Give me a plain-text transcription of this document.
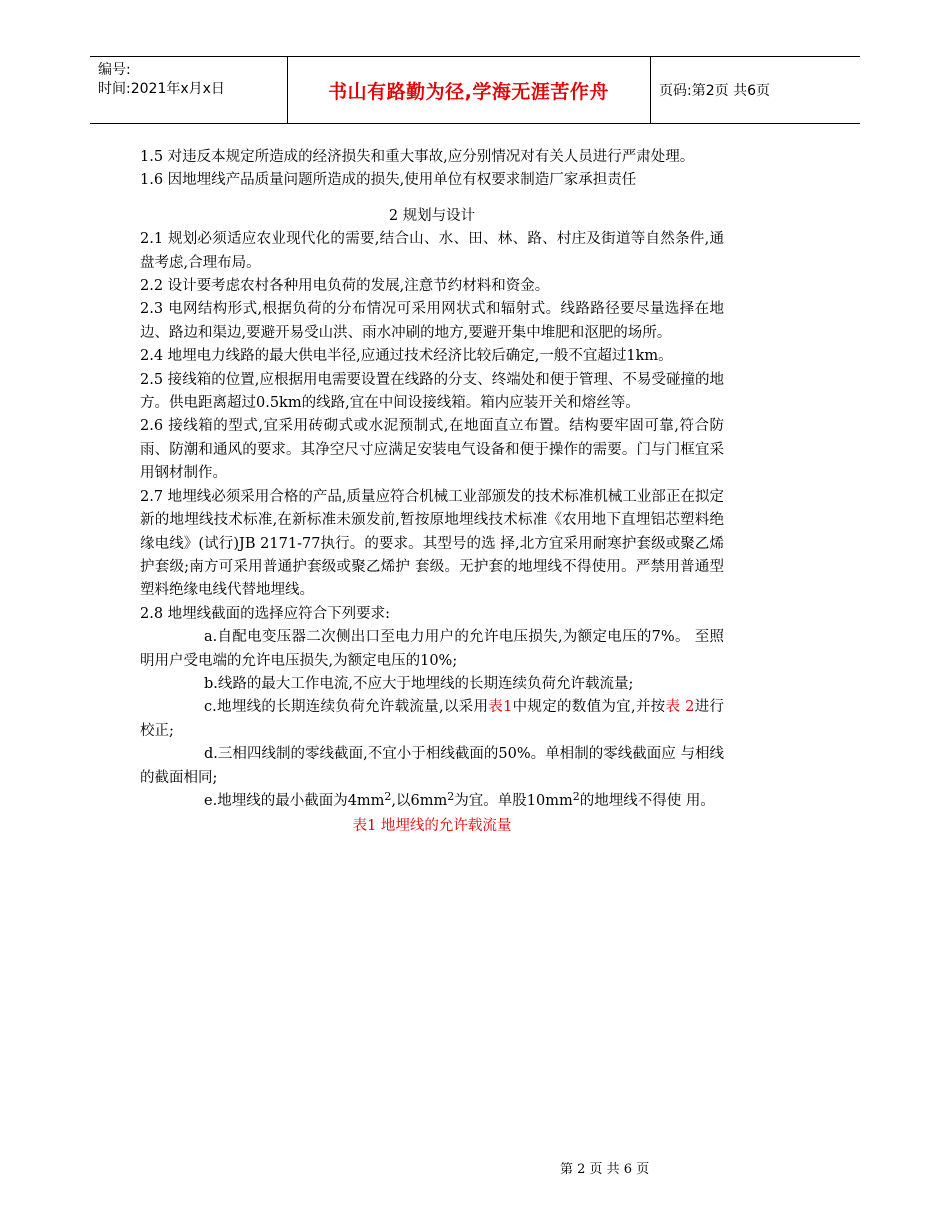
编号:
时间:2021年x月x日	书山有路勤为径,学海无涯苦作舟	页码:第2页 共6页

1.5 对违反本规定所造成的经济损失和重大事故,应分别情况对有关人员进行严肃处理。

1.6 因地埋线产品质量问题所造成的损失,使用单位有权要求制造厂家承担责任

2 规划与设计

2.1 规划必须适应农业现代化的需要,结合山、水、田、林、路、村庄及街道等自然条件,通盘考虑,合理布局。

2.2 设计要考虑农村各种用电负荷的发展,注意节约材料和资金。

2.3 电网结构形式,根据负荷的分布情况可采用网状式和辐射式。线路路径要尽量选择在地边、路边和渠边,要避开易受山洪、雨水冲刷的地方,要避开集中堆肥和沤肥的场所。

2.4 地埋电力线路的最大供电半径,应通过技术经济比较后确定,一般不宜超过1km。

2.5 接线箱的位置,应根据用电需要设置在线路的分支、终端处和便于管理、不易受碰撞的地方。供电距离超过0.5km的线路,宜在中间设接线箱。箱内应装开关和熔丝等。

2.6 接线箱的型式,宜采用砖砌式或水泥预制式,在地面直立布置。结构要牢固可靠,符合防雨、防潮和通风的要求。其净空尺寸应满足安装电气设备和便于操作的需要。门与门框宜采用钢材制作。

2.7 地埋线必须采用合格的产品,质量应符合机械工业部颁发的技术标准机械工业部正在拟定新的地埋线技术标准,在新标准未颁发前,暂按原地埋线技术标准《农用地下直埋铝芯塑料绝缘电线》(试行)JB 2171-77执行。的要求。其型号的选 择,北方宜采用耐寒护套级或聚乙烯护套级;南方可采用普通护套级或聚乙烯护 套级。无护套的地埋线不得使用。严禁用普通型塑料绝缘电线代替地埋线。

2.8 地埋线截面的选择应符合下列要求:

a.自配电变压器二次侧出口至电力用户的允许电压损失,为额定电压的7%。 至照明用户受电端的允许电压损失,为额定电压的10%;

b.线路的最大工作电流,不应大于地埋线的长期连续负荷允许载流量;

c.地埋线的长期连续负荷允许载流量,以采用表1中规定的数值为宜,并按表 2进行校正;

d.三相四线制的零线截面,不宜小于相线截面的50%。单相制的零线截面应 与相线的截面相同;

e.地埋线的最小截面为$4mm^2$,以$6mm^2$为宜。单股$10mm^2$的地埋线不得使 用。

表1 地埋线的允许载流量

第 2 页 共 6 页
